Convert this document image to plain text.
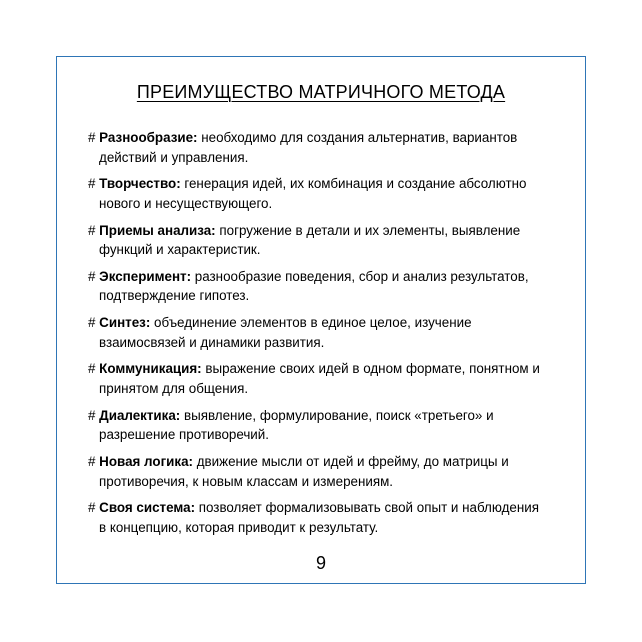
ПРЕИМУЩЕСТВО МАТРИЧНОГО МЕТОДА
# Разнообразие: необходимо для создания альтернатив, вариантов действий и управления.
# Творчество: генерация идей, их комбинация и создание абсолютно нового и несуществующего.
# Приемы анализа: погружение в детали и их элементы, выявление функций и характеристик.
# Эксперимент: разнообразие поведения, сбор и анализ результатов, подтверждение гипотез.
# Синтез: объединение элементов в единое целое, изучение взаимосвязей и динамики развития.
# Коммуникация: выражение своих идей в одном формате, понятном и принятом для общения.
# Диалектика: выявление, формулирование, поиск «третьего» и разрешение противоречий.
# Новая логика: движение мысли от идей и фрейму, до матрицы и противоречия, к новым классам и измерениям.
# Своя система: позволяет формализовывать свой опыт и наблюдения в концепцию, которая приводит к результату.
9
